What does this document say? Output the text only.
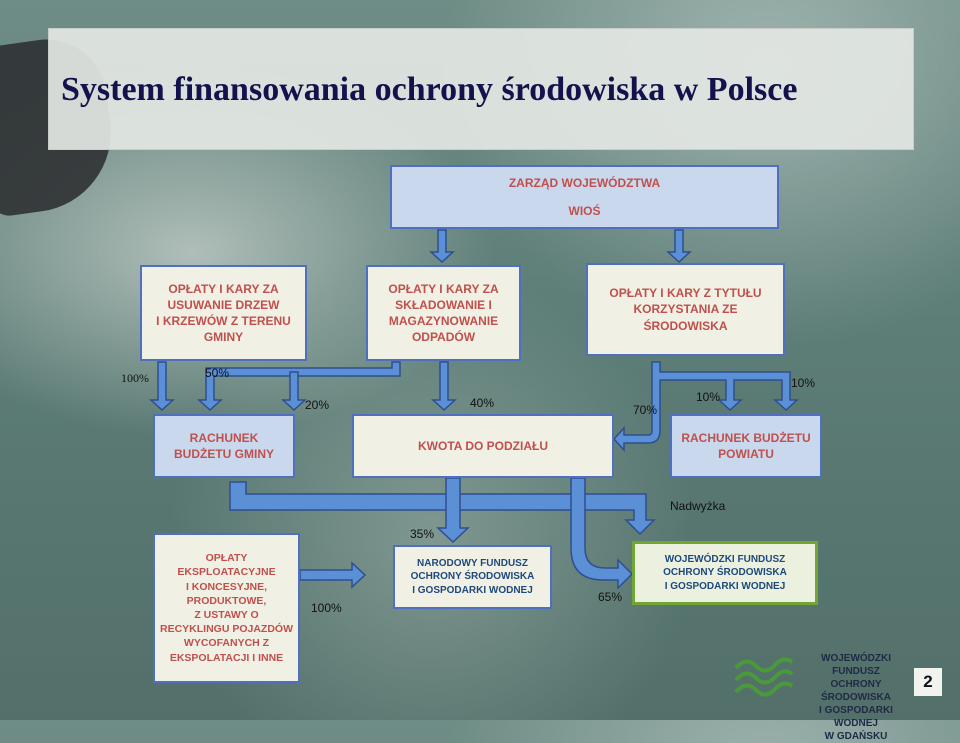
System finansowania ochrony środowiska w Polsce
ZARZĄD WOJEWÓDZTWA
WIOŚ
OPŁATY I KARY ZA
USUWANIE DRZEW
I KRZEWÓW Z TERENU
GMINY
OPŁATY I KARY ZA
SKŁADOWANIE I
MAGAZYNOWANIE
ODPADÓW
OPŁATY I KARY Z TYTUŁU
KORZYSTANIA ZE
ŚRODOWISKA
RACHUNEK
BUDŻETU GMINY
KWOTA DO PODZIAŁU
RACHUNEK BUDŻETU
POWIATU
OPŁATY
EKSPLOATACYJNE
I KONCESYJNE,
PRODUKTOWE,
Z USTAWY O
RECYKLINGU POJAZDÓW
WYCOFANYCH Z
EKSPOLATACJI I INNE
NARODOWY FUNDUSZ
OCHRONY ŚRODOWISKA
I GOSPODARKI WODNEJ
WOJEWÓDZKI FUNDUSZ
OCHRONY ŚRODOWISKA
I GOSPODARKI WODNEJ
100%	50%
20%	40%	70%
10%
10%
Nadwyżka
35%
100%
65%
WOJEWÓDZKI FUNDUSZ
OCHRONY ŚRODOWISKA
I GOSPODARKI WODNEJ
W GDAŃSKU
2
